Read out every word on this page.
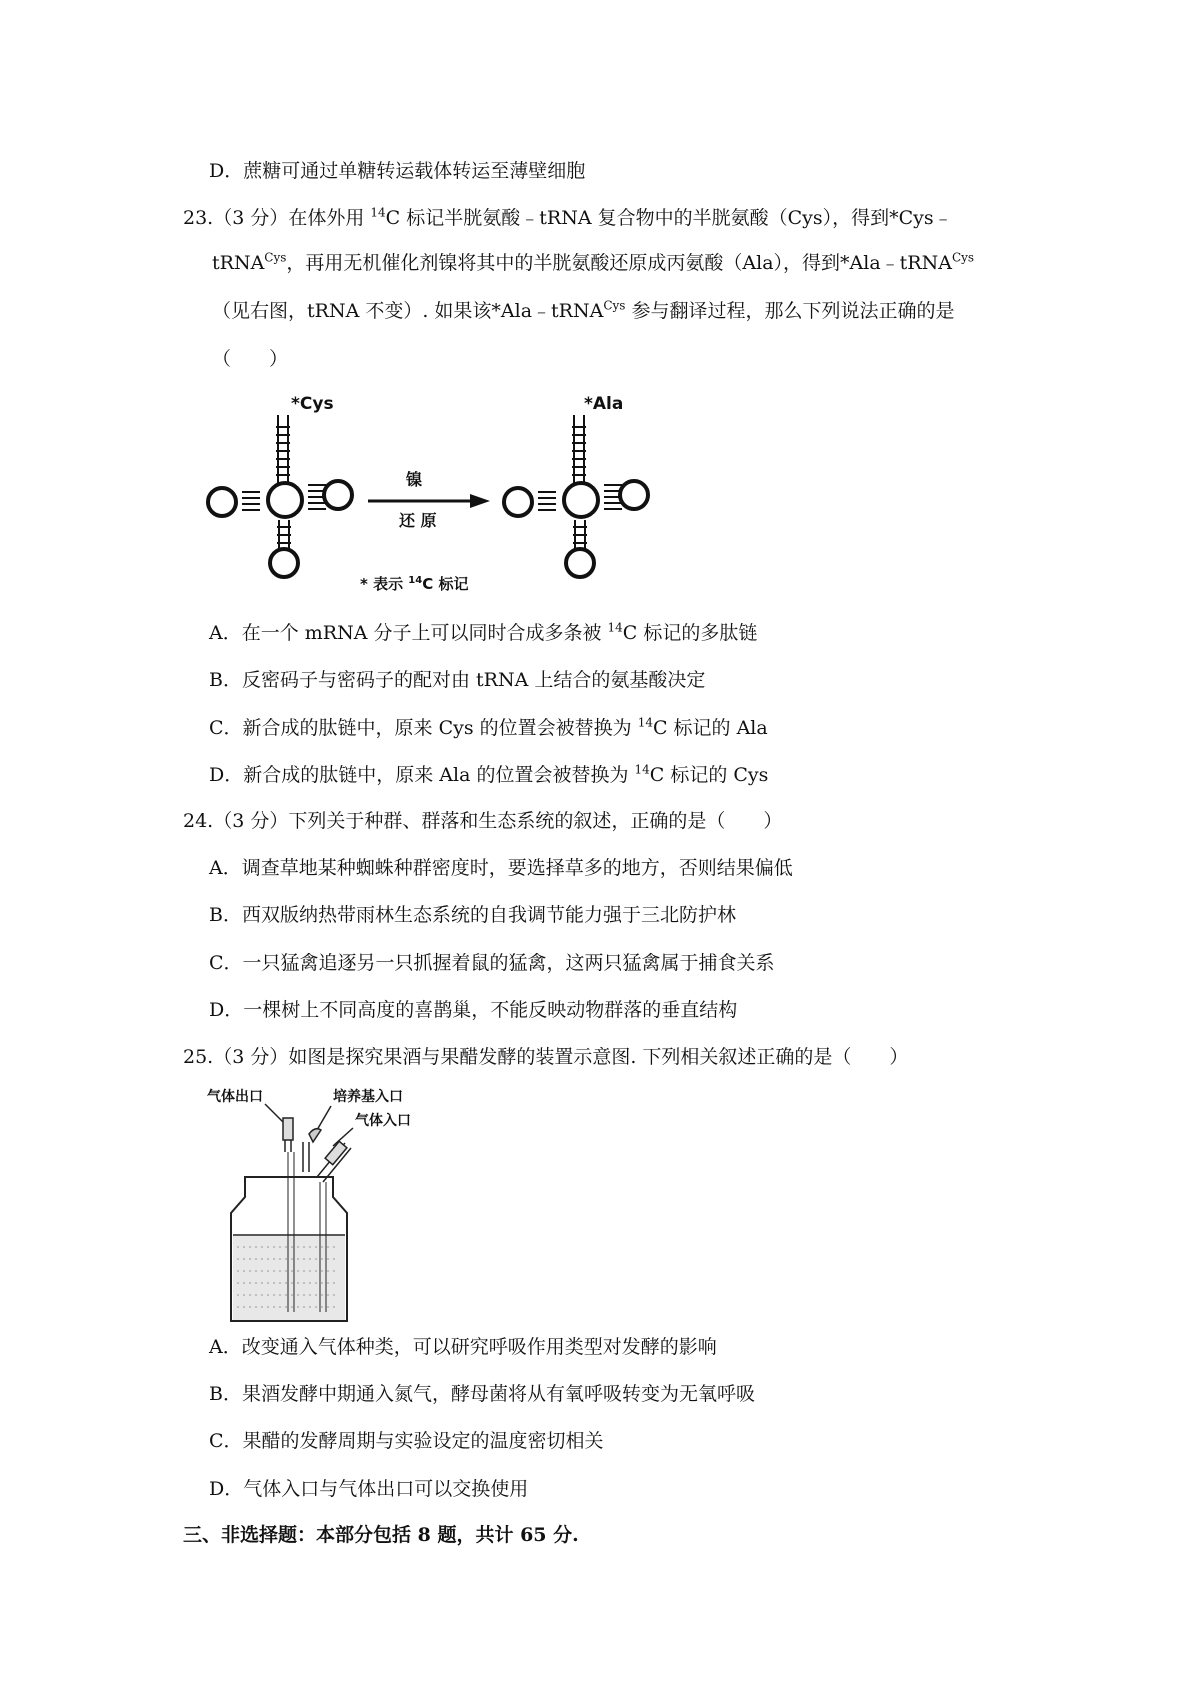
D．蔗糖可通过单糖转运载体转运至薄壁细胞
23.（3 分）在体外用 $^{14}$C 标记半胱氨酸﹣tRNA 复合物中的半胱氨酸（Cys），得到*Cys﹣
tRNA$^{Cys}$，再用无机催化剂镍将其中的半胱氨酸还原成丙氨酸（Ala），得到*Ala﹣tRNA$^{Cys}$
（见右图，tRNA 不变）. 如果该*Ala﹣tRNA$^{Cys}$ 参与翻译过程，那么下列说法正确的是
（　　）
*Cys
镍
还 原
*Ala
* 表示 $^{14}$C 标记
A．在一个 mRNA 分子上可以同时合成多条被 $^{14}$C 标记的多肽链
B．反密码子与密码子的配对由 tRNA 上结合的氨基酸决定
C．新合成的肽链中，原来 Cys 的位置会被替换为 $^{14}$C 标记的 Ala
D．新合成的肽链中，原来 Ala 的位置会被替换为 $^{14}$C 标记的 Cys
24.（3 分）下列关于种群、群落和生态系统的叙述，正确的是（　　）
A．调查草地某种蜘蛛种群密度时，要选择草多的地方，否则结果偏低
B．西双版纳热带雨林生态系统的自我调节能力强于三北防护林
C．一只猛禽追逐另一只抓握着鼠的猛禽，这两只猛禽属于捕食关系
D．一棵树上不同高度的喜鹊巢，不能反映动物群落的垂直结构
25.（3 分）如图是探究果酒与果醋发酵的装置示意图. 下列相关叙述正确的是（　　）
气体出口	培养基入口
气体入口
A．改变通入气体种类，可以研究呼吸作用类型对发酵的影响
B．果酒发酵中期通入氮气，酵母菌将从有氧呼吸转变为无氧呼吸
C．果醋的发酵周期与实验设定的温度密切相关
D．气体入口与气体出口可以交换使用
三、非选择题：本部分包括 8 题，共计 65 分.
